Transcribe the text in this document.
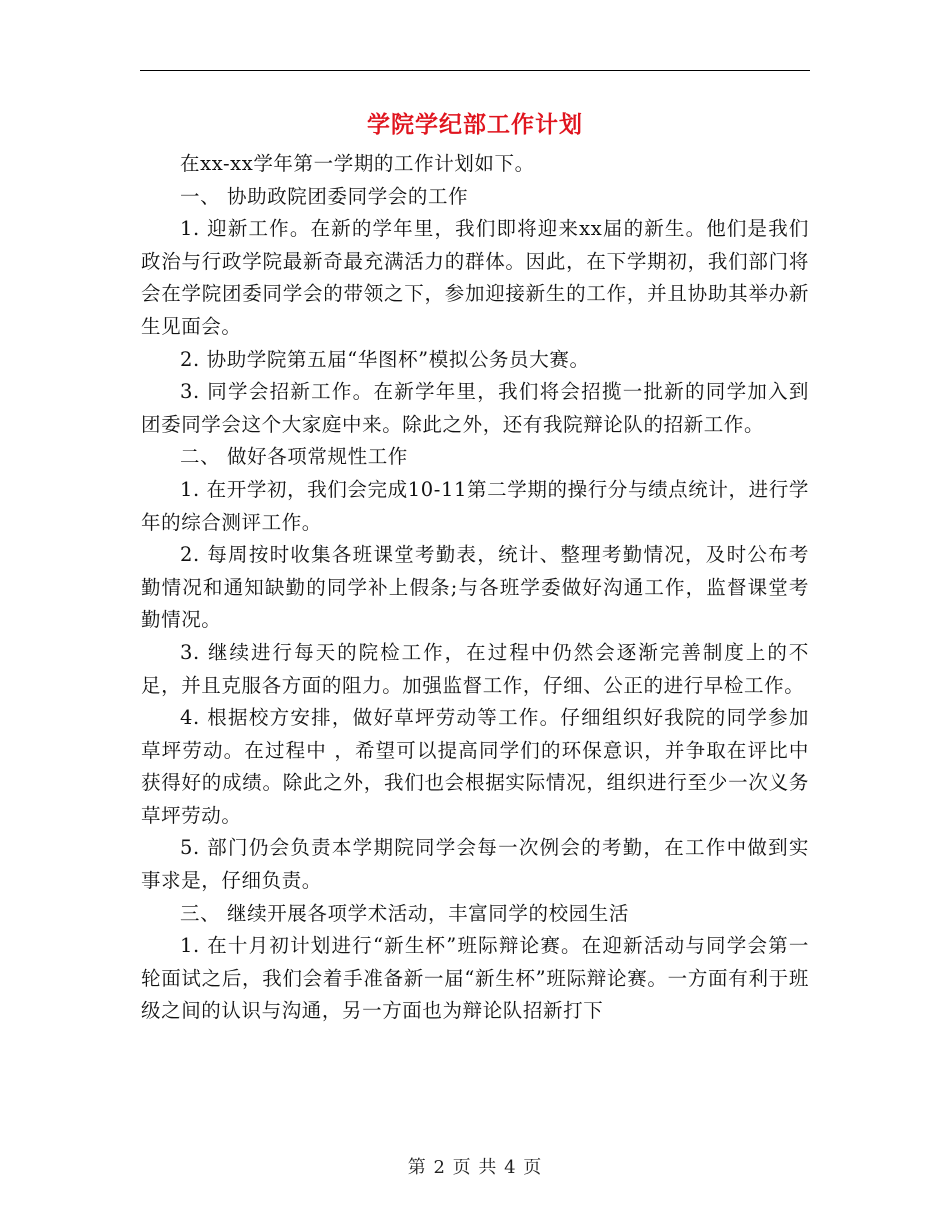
学院学纪部工作计划

在xx-xx学年第一学期的工作计划如下。

一、 协助政院团委同学会的工作

1. 迎新工作。在新的学年里，我们即将迎来xx届的新生。他们是我们政治与行政学院最新奇最充满活力的群体。因此，在下学期初，我们部门将会在学院团委同学会的带领之下，参加迎接新生的工作，并且协助其举办新生见面会。

2. 协助学院第五届“华图杯”模拟公务员大赛。

3. 同学会招新工作。在新学年里，我们将会招揽一批新的同学加入到团委同学会这个大家庭中来。除此之外，还有我院辩论队的招新工作。

二、 做好各项常规性工作

1. 在开学初，我们会完成10-11第二学期的操行分与绩点统计，进行学年的综合测评工作。

2. 每周按时收集各班课堂考勤表，统计、整理考勤情况，及时公布考勤情况和通知缺勤的同学补上假条;与各班学委做好沟通工作，监督课堂考勤情况。

3. 继续进行每天的院检工作，在过程中仍然会逐渐完善制度上的不足，并且克服各方面的阻力。加强监督工作，仔细、公正的进行早检工作。

4. 根据校方安排，做好草坪劳动等工作。仔细组织好我院的同学参加草坪劳动。在过程中 ，希望可以提高同学们的环保意识，并争取在评比中获得好的成绩。除此之外，我们也会根据实际情况，组织进行至少一次义务草坪劳动。

5. 部门仍会负责本学期院同学会每一次例会的考勤，在工作中做到实事求是，仔细负责。

三、 继续开展各项学术活动，丰富同学的校园生活

1. 在十月初计划进行“新生杯”班际辩论赛。在迎新活动与同学会第一轮面试之后，我们会着手准备新一届“新生杯”班际辩论赛。一方面有利于班级之间的认识与沟通，另一方面也为辩论队招新打下

第 2 页 共 4 页
